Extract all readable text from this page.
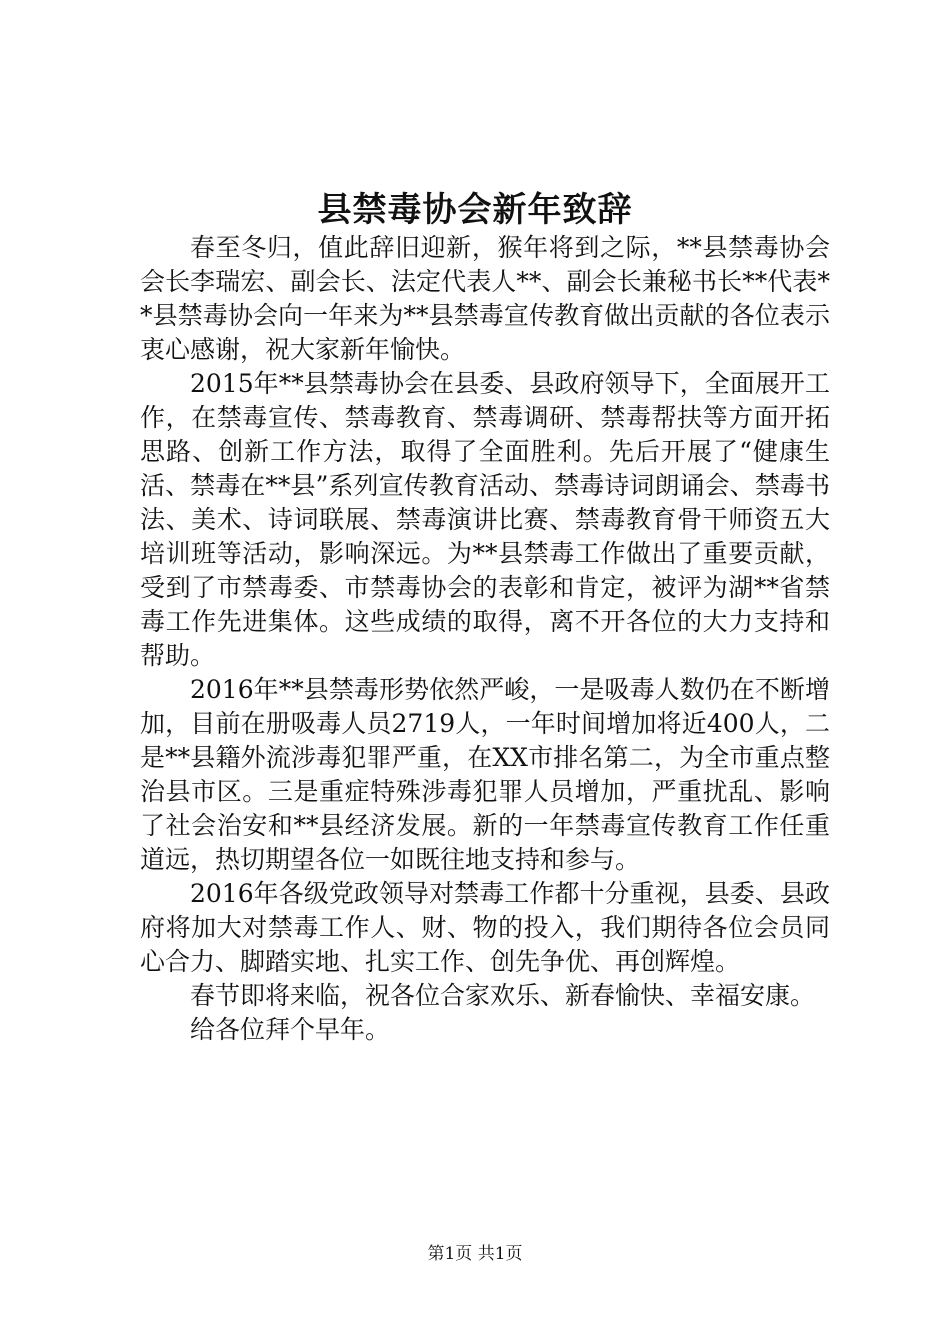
县禁毒协会新年致辞

春至冬归，值此辞旧迎新，猴年将到之际，**县禁毒协会会长李瑞宏、副会长、法定代表人**、副会长兼秘书长**代表**县禁毒协会向一年来为**县禁毒宣传教育做出贡献的各位表示衷心感谢，祝大家新年愉快。

2015年**县禁毒协会在县委、县政府领导下，全面展开工作，在禁毒宣传、禁毒教育、禁毒调研、禁毒帮扶等方面开拓思路、创新工作方法，取得了全面胜利。先后开展了“健康生活、禁毒在**县”系列宣传教育活动、禁毒诗词朗诵会、禁毒书法、美术、诗词联展、禁毒演讲比赛、禁毒教育骨干师资五大培训班等活动，影响深远。为**县禁毒工作做出了重要贡献，受到了市禁毒委、市禁毒协会的表彰和肯定，被评为湖**省禁毒工作先进集体。这些成绩的取得，离不开各位的大力支持和帮助。

2016年**县禁毒形势依然严峻，一是吸毒人数仍在不断增加，目前在册吸毒人员2719人，一年时间增加将近400人，二是**县籍外流涉毒犯罪严重，在XX市排名第二，为全市重点整治县市区。三是重症特殊涉毒犯罪人员增加，严重扰乱、影响了社会治安和**县经济发展。新的一年禁毒宣传教育工作任重道远，热切期望各位一如既往地支持和参与。

2016年各级党政领导对禁毒工作都十分重视，县委、县政府将加大对禁毒工作人、财、物的投入，我们期待各位会员同心合力、脚踏实地、扎实工作、创先争优、再创辉煌。

春节即将来临，祝各位合家欢乐、新春愉快、幸福安康。

给各位拜个早年。

第1页 共1页
